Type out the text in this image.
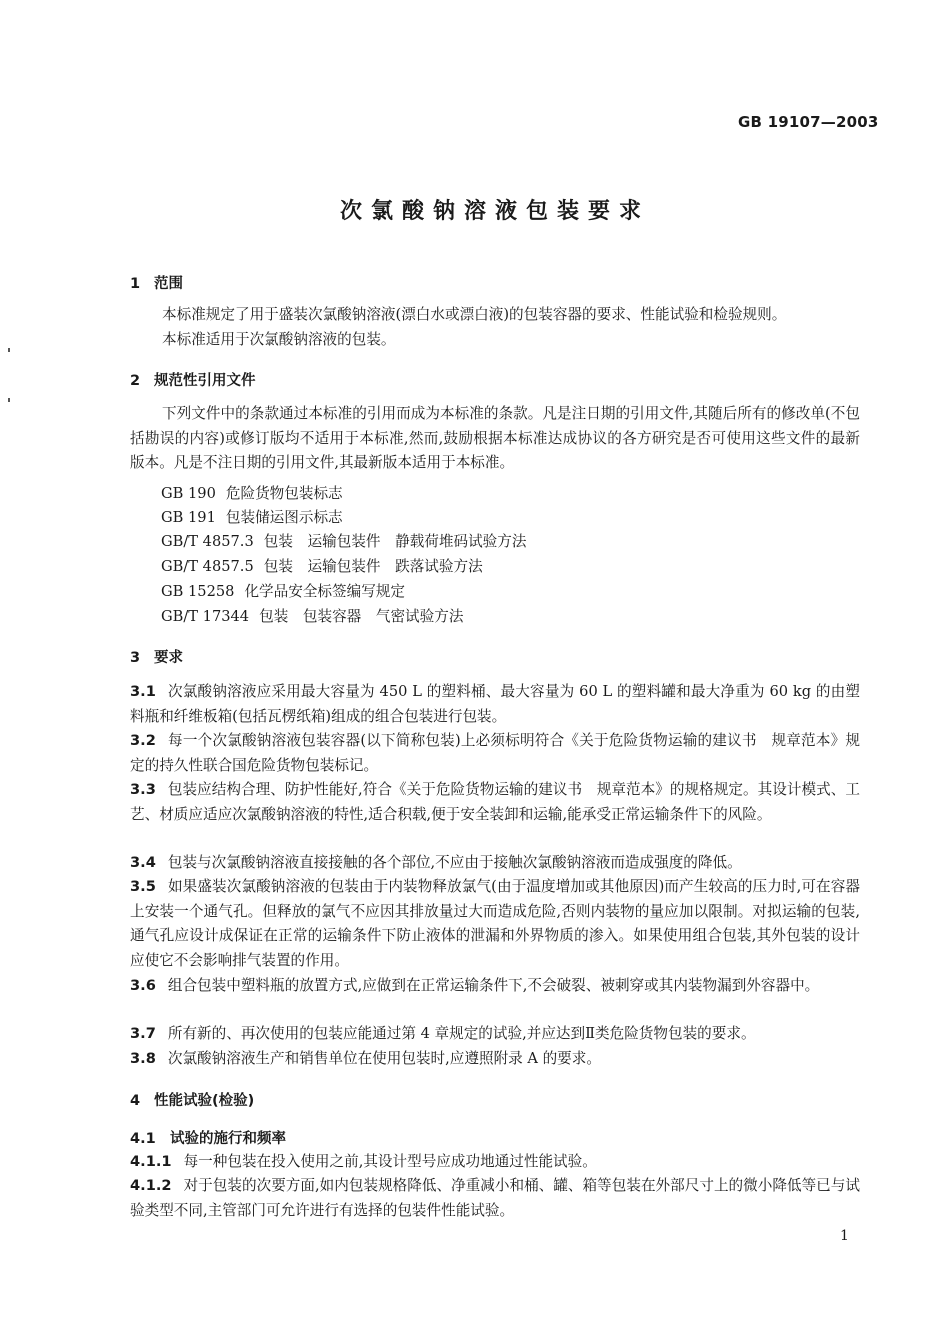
GB 19107—2003
次氯酸钠溶液包装要求
1 范围
本标准规定了用于盛装次氯酸钠溶液(漂白水或漂白液)的包装容器的要求、性能试验和检验规则。
本标准适用于次氯酸钠溶液的包装。
2 规范性引用文件
下列文件中的条款通过本标准的引用而成为本标准的条款。凡是注日期的引用文件,其随后所有的修改单(不包括勘误的内容)或修订版均不适用于本标准,然而,鼓励根据本标准达成协议的各方研究是否可使用这些文件的最新版本。凡是不注日期的引用文件,其最新版本适用于本标准。
GB 190 危险货物包装标志
GB 191 包装储运图示标志
GB/T 4857.3 包装　运输包装件　静载荷堆码试验方法
GB/T 4857.5 包装　运输包装件　跌落试验方法
GB 15258 化学品安全标签编写规定
GB/T 17344 包装　包装容器　气密试验方法
3 要求
3.1 次氯酸钠溶液应采用最大容量为 450 L 的塑料桶、最大容量为 60 L 的塑料罐和最大净重为 60 kg 的由塑料瓶和纤维板箱(包括瓦楞纸箱)组成的组合包装进行包装。
3.2 每一个次氯酸钠溶液包装容器(以下简称包装)上必须标明符合《关于危险货物运输的建议书　规章范本》规定的持久性联合国危险货物包装标记。
3.3 包装应结构合理、防护性能好,符合《关于危险货物运输的建议书　规章范本》的规格规定。其设计模式、工艺、材质应适应次氯酸钠溶液的特性,适合积载,便于安全装卸和运输,能承受正常运输条件下的风险。
3.4 包装与次氯酸钠溶液直接接触的各个部位,不应由于接触次氯酸钠溶液而造成强度的降低。
3.5 如果盛装次氯酸钠溶液的包装由于内装物释放氯气(由于温度增加或其他原因)而产生较高的压力时,可在容器上安装一个通气孔。但释放的氯气不应因其排放量过大而造成危险,否则内装物的量应加以限制。对拟运输的包装,通气孔应设计成保证在正常的运输条件下防止液体的泄漏和外界物质的渗入。如果使用组合包装,其外包装的设计应使它不会影响排气装置的作用。
3.6 组合包装中塑料瓶的放置方式,应做到在正常运输条件下,不会破裂、被刺穿或其内装物漏到外容器中。
3.7 所有新的、再次使用的包装应能通过第 4 章规定的试验,并应达到Ⅱ类危险货物包装的要求。
3.8 次氯酸钠溶液生产和销售单位在使用包装时,应遵照附录 A 的要求。
4 性能试验(检验)
4.1 试验的施行和频率
4.1.1 每一种包装在投入使用之前,其设计型号应成功地通过性能试验。
4.1.2 对于包装的次要方面,如内包装规格降低、净重减小和桶、罐、箱等包装在外部尺寸上的微小降低等已与试验类型不同,主管部门可允许进行有选择的包装件性能试验。
1
